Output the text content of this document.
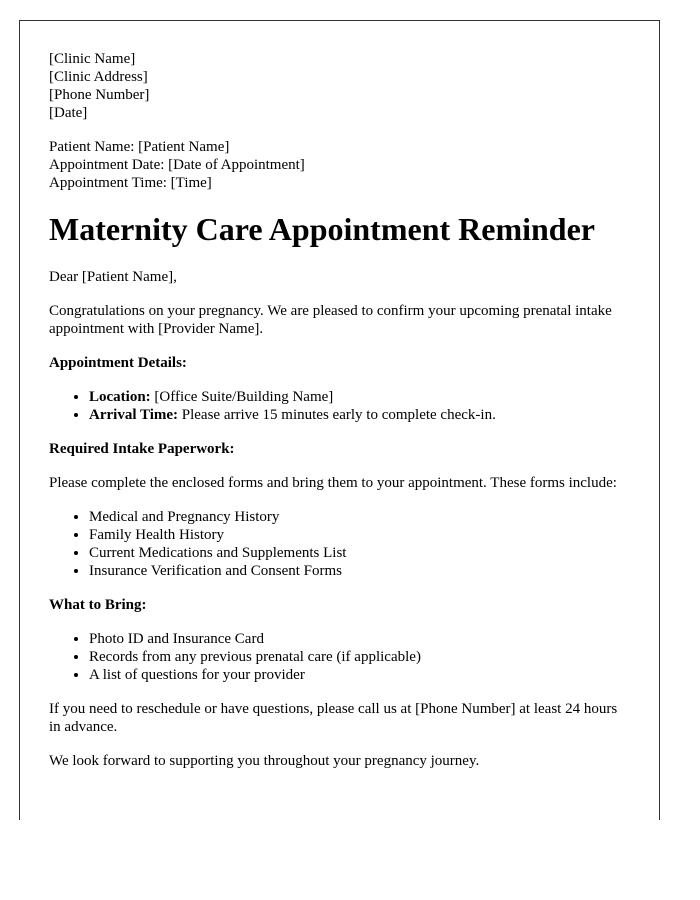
[Clinic Name]
[Clinic Address]
[Phone Number]
[Date]
Patient Name: [Patient Name]
Appointment Date: [Date of Appointment]
Appointment Time: [Time]
Maternity Care Appointment Reminder

Dear [Patient Name],

Congratulations on your pregnancy. We are pleased to confirm your upcoming prenatal intake appointment with [Provider Name].

Appointment Details:

• Location: [Office Suite/Building Name]
• Arrival Time: Please arrive 15 minutes early to complete check-in.

Required Intake Paperwork:

Please complete the enclosed forms and bring them to your appointment. These forms include:

• Medical and Pregnancy History
• Family Health History
• Current Medications and Supplements List
• Insurance Verification and Consent Forms

What to Bring:

• Photo ID and Insurance Card
• Records from any previous prenatal care (if applicable)
• A list of questions for your provider

If you need to reschedule or have questions, please call us at [Phone Number] at least 24 hours in advance.

We look forward to supporting you throughout your pregnancy journey.
